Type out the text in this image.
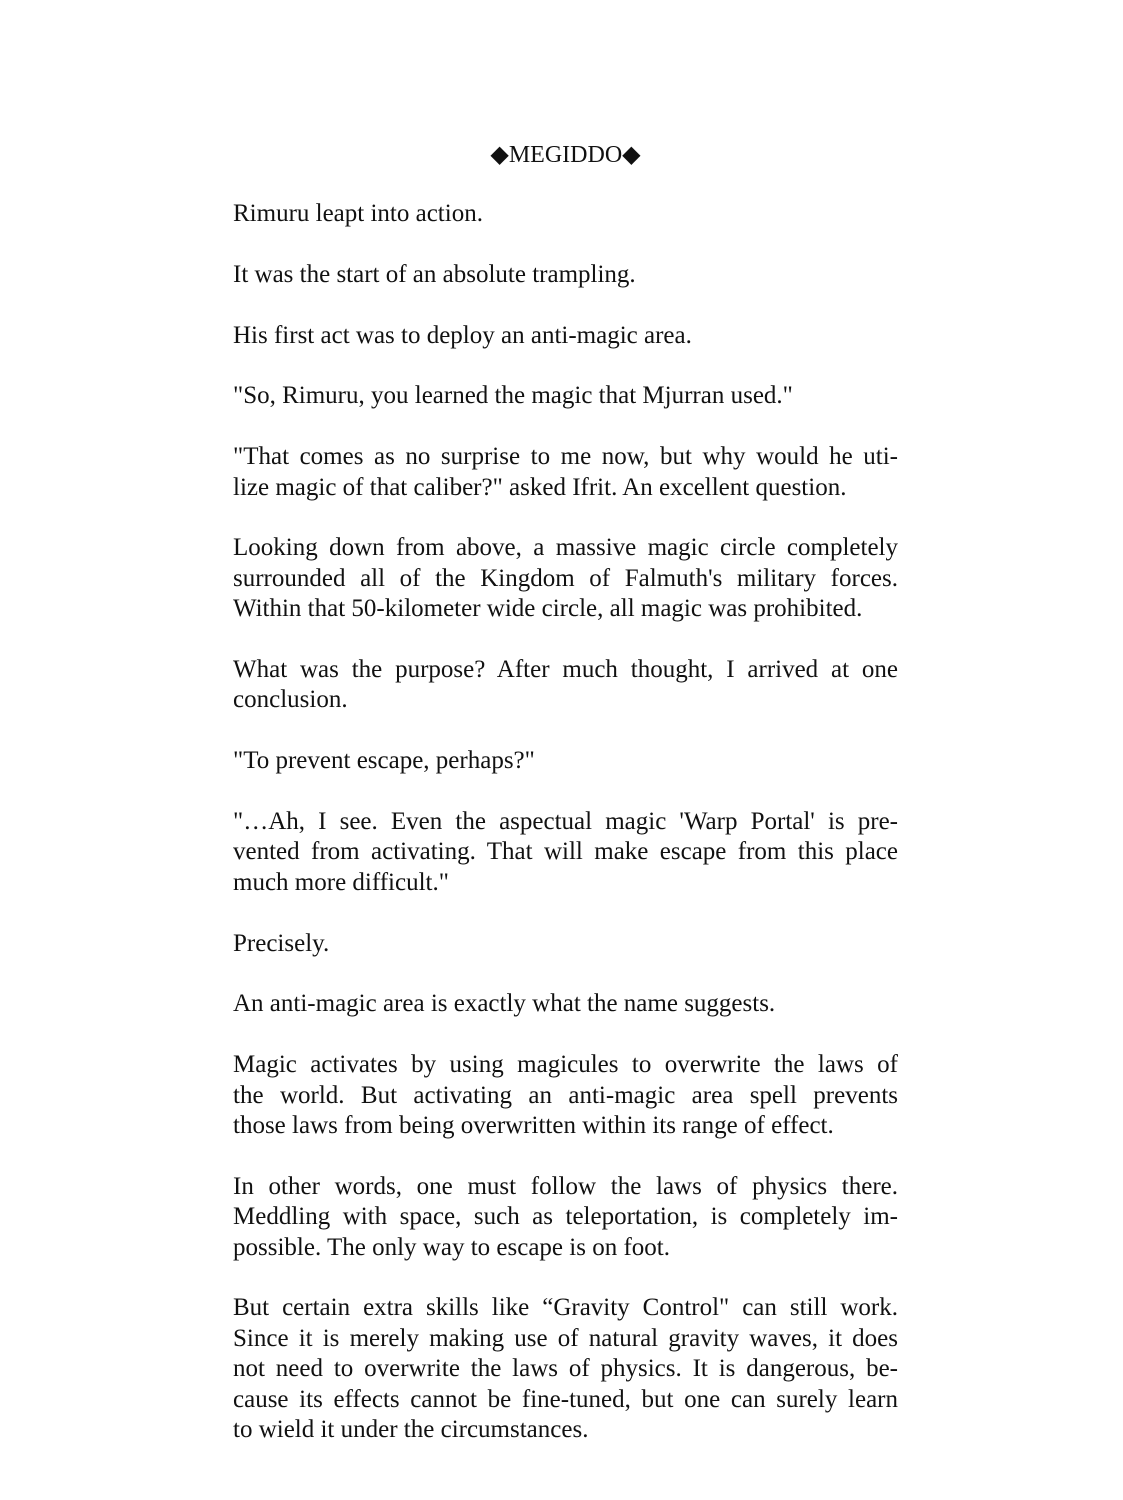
◆MEGIDDO◆

Rimuru leapt into action.

It was the start of an absolute trampling.

His first act was to deploy an anti-magic area.

"So, Rimuru, you learned the magic that Mjurran used."

"That comes as no surprise to me now, but why would he uti-
lize magic of that caliber?" asked Ifrit. An excellent question.

Looking down from above, a massive magic circle completely
surrounded all of the Kingdom of Falmuth's military forces.
Within that 50-kilometer wide circle, all magic was prohibited.

What was the purpose? After much thought, I arrived at one
conclusion.

"To prevent escape, perhaps?"

"…Ah, I see. Even the aspectual magic 'Warp Portal' is pre-
vented from activating. That will make escape from this place
much more difficult."

Precisely.

An anti-magic area is exactly what the name suggests.

Magic activates by using magicules to overwrite the laws of
the world. But activating an anti-magic area spell prevents
those laws from being overwritten within its range of effect.

In other words, one must follow the laws of physics there.
Meddling with space, such as teleportation, is completely im-
possible. The only way to escape is on foot.

But certain extra skills like “Gravity Control" can still work.
Since it is merely making use of natural gravity waves, it does
not need to overwrite the laws of physics. It is dangerous, be-
cause its effects cannot be fine-tuned, but one can surely learn
to wield it under the circumstances.
